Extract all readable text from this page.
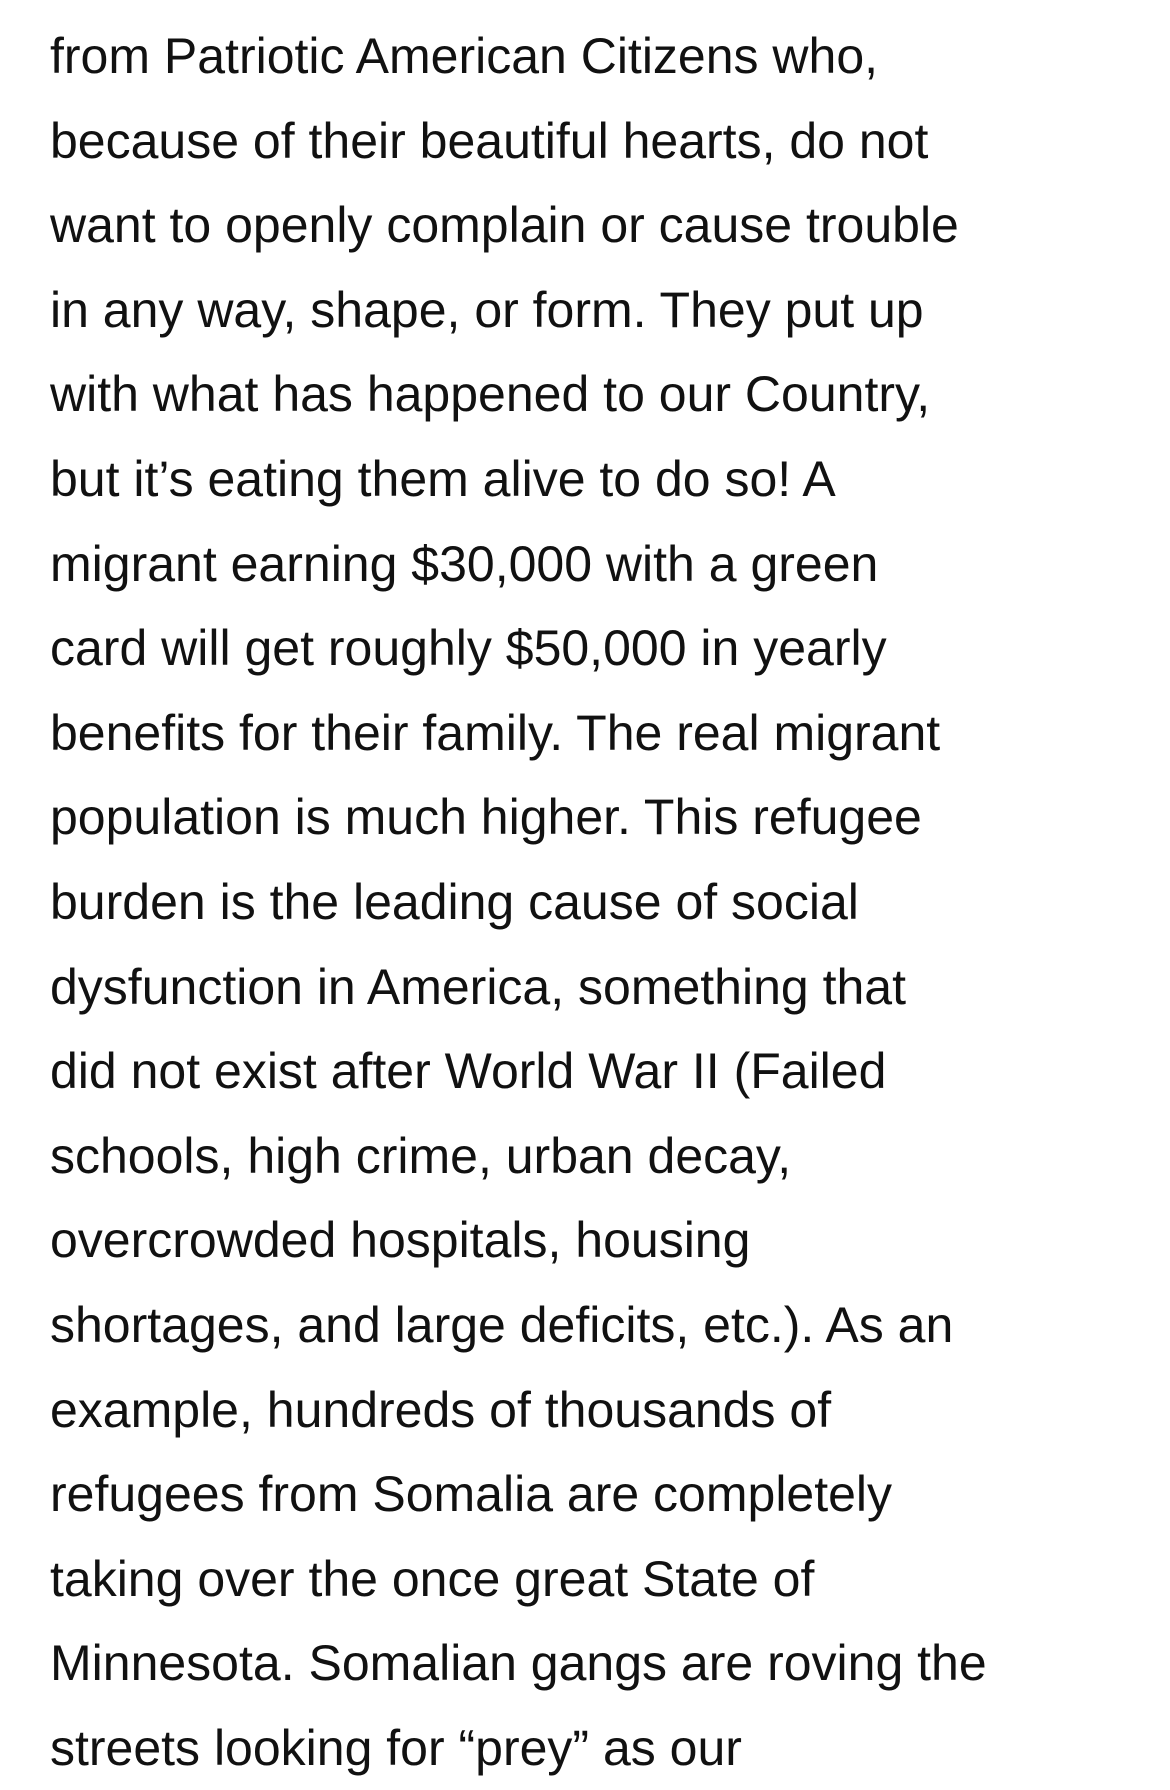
from Patriotic American Citizens who,
because of their beautiful hearts, do not
want to openly complain or cause trouble
in any way, shape, or form. They put up
with what has happened to our Country,
but it’s eating them alive to do so! A
migrant earning $30,000 with a green
card will get roughly $50,000 in yearly
benefits for their family. The real migrant
population is much higher. This refugee
burden is the leading cause of social
dysfunction in America, something that
did not exist after World War II (Failed
schools, high crime, urban decay,
overcrowded hospitals, housing
shortages, and large deficits, etc.). As an
example, hundreds of thousands of
refugees from Somalia are completely
taking over the once great State of
Minnesota. Somalian gangs are roving the
streets looking for “prey” as our
